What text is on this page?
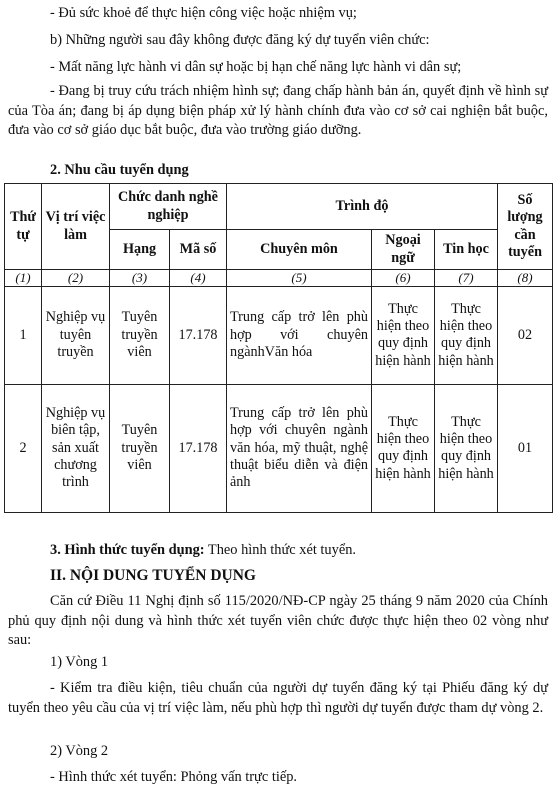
- Đủ sức khoẻ để thực hiện công việc hoặc nhiệm vụ;

b) Những người sau đây không được đăng ký dự tuyển viên chức:

- Mất năng lực hành vi dân sự hoặc bị hạn chế năng lực hành vi dân sự;

- Đang bị truy cứu trách nhiệm hình sự; đang chấp hành bản án, quyết định về hình sự của Tòa án; đang bị áp dụng biện pháp xử lý hành chính đưa vào cơ sở cai nghiện bắt buộc, đưa vào cơ sở giáo dục bắt buộc, đưa vào trường giáo dưỡng.

2. Nhu cầu tuyển dụng

Thứ tự	Vị trí việc làm	Chức danh nghề nghiệp		Trình độ			Số lượng cần tuyển
		Hạng	Mã số	Chuyên môn	Ngoại ngữ	Tin học	
(1)	(2)	(3)	(4)	(5)	(6)	(7)	(8)
1	Nghiệp vụ tuyên truyền	Tuyên truyền viên	17.178	Trung cấp trở lên phù hợp với chuyên ngànhVăn hóa	Thực hiện theo quy định hiện hành	Thực hiện theo quy định hiện hành	02
2	Nghiệp vụ biên tập, sản xuất chương trình	Tuyên truyền viên	17.178	Trung cấp trở lên phù hợp với chuyên ngành văn hóa, mỹ thuật, nghệ thuật biểu diễn và điện ảnh	Thực hiện theo quy định hiện hành	Thực hiện theo quy định hiện hành	01

3. Hình thức tuyển dụng: Theo hình thức xét tuyển.

II. NỘI DUNG TUYỂN DỤNG

Căn cứ Điều 11 Nghị định số 115/2020/NĐ-CP ngày 25 tháng 9 năm 2020 của Chính phủ quy định nội dung và hình thức xét tuyển viên chức được thực hiện theo 02 vòng như sau:

1) Vòng 1

- Kiểm tra điều kiện, tiêu chuẩn của người dự tuyển đăng ký tại Phiếu đăng ký dự tuyển theo yêu cầu của vị trí việc làm, nếu phù hợp thì người dự tuyển được tham dự vòng 2.

2) Vòng 2

- Hình thức xét tuyển: Phỏng vấn trực tiếp.
